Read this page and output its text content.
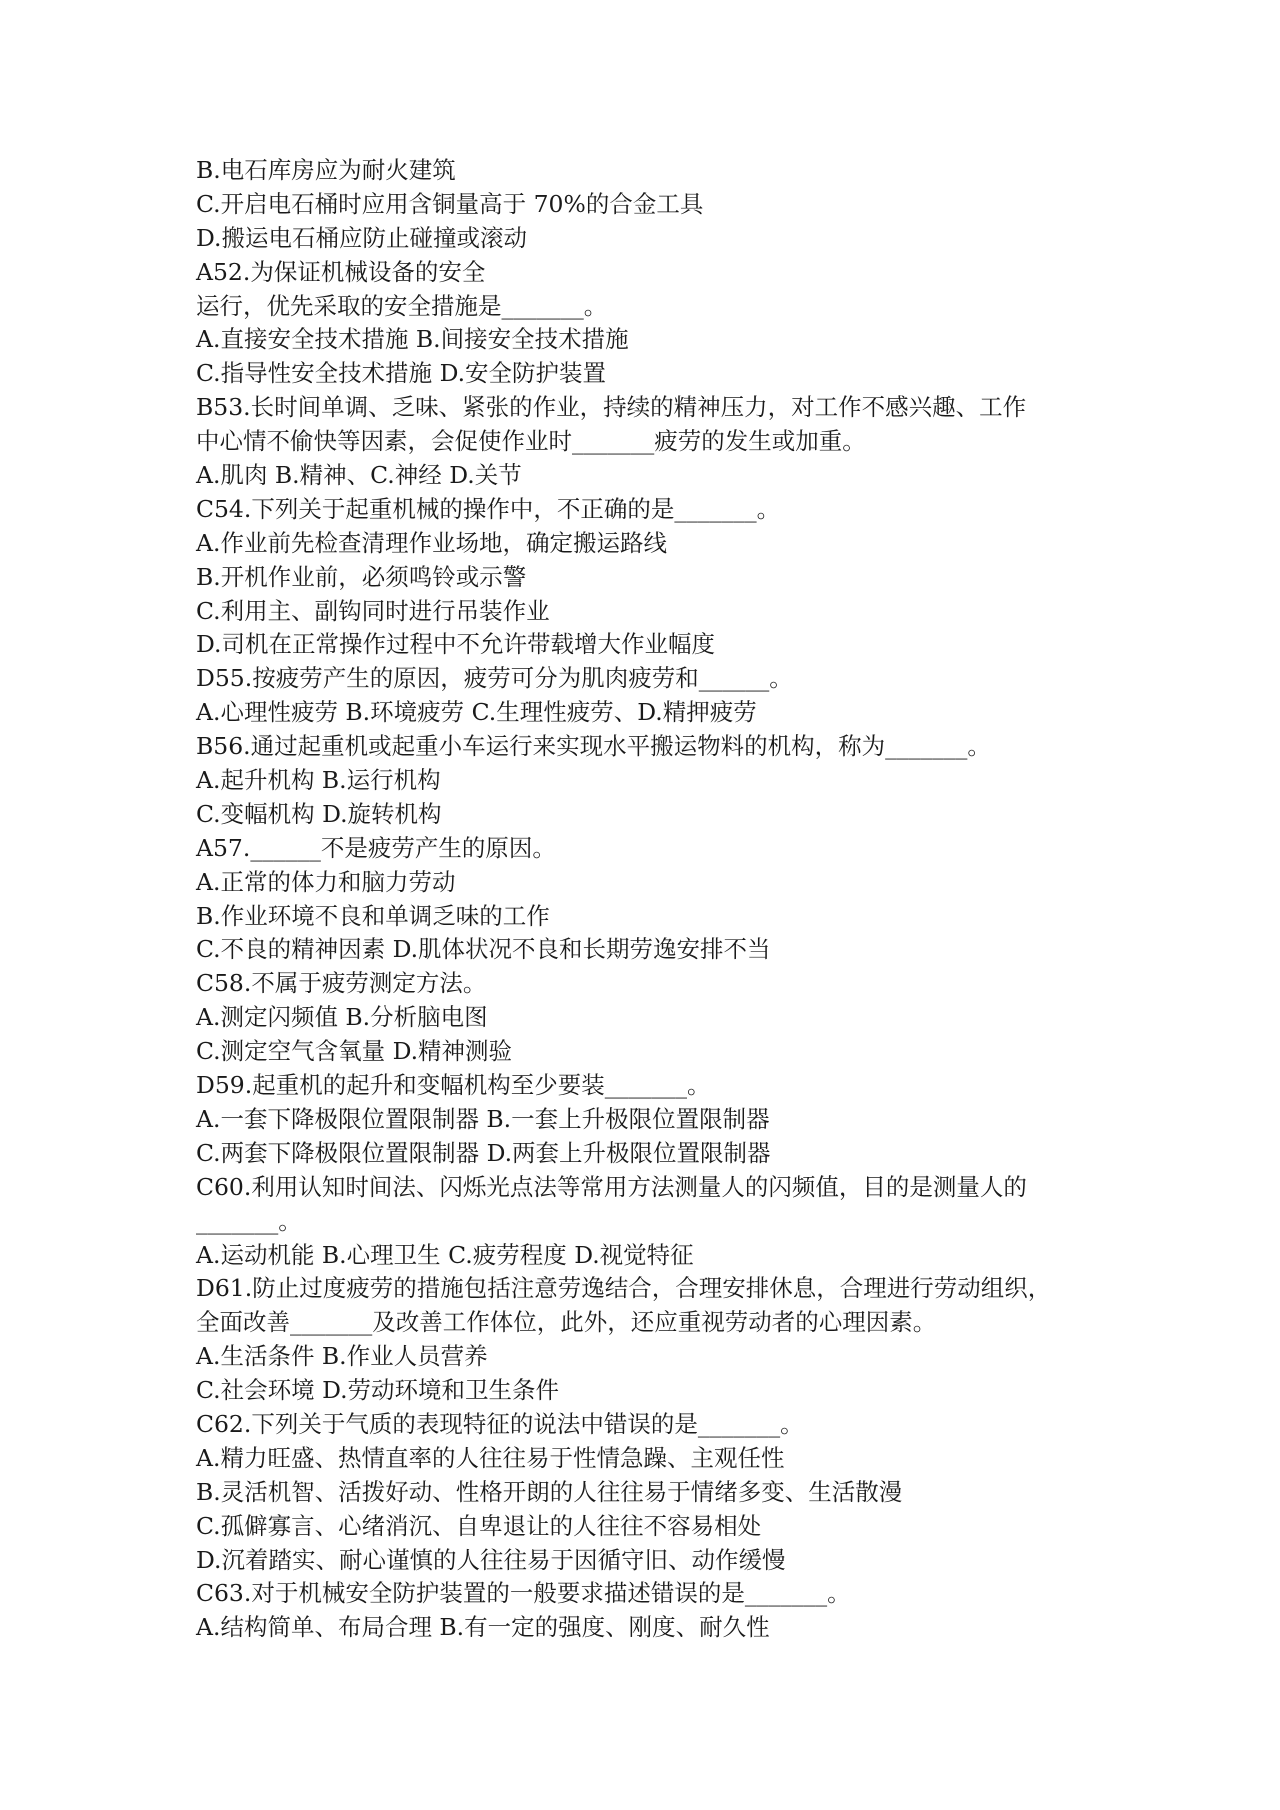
B.电石库房应为耐火建筑
C.开启电石桶时应用含铜量高于 70%的合金工具
D.搬运电石桶应防止碰撞或滚动
A52.为保证机械设备的安全
运行，优先采取的安全措施是_______。
A.直接安全技术措施 B.间接安全技术措施
C.指导性安全技术措施 D.安全防护装置
B53.长时间单调、乏味、紧张的作业，持续的精神压力，对工作不感兴趣、工作
中心情不偷快等因素，会促使作业时_______疲劳的发生或加重。
A.肌肉 B.精神、C.神经 D.关节
C54.下列关于起重机械的操作中，不正确的是_______。
A.作业前先检查清理作业场地，确定搬运路线
B.开机作业前，必须鸣铃或示警
C.利用主、副钩同时进行吊装作业
D.司机在正常操作过程中不允许带载增大作业幅度
D55.按疲劳产生的原因，疲劳可分为肌肉疲劳和______。
A.心理性疲劳 B.环境疲劳 C.生理性疲劳、D.精押疲劳
B56.通过起重机或起重小车运行来实现水平搬运物料的机构，称为_______。
A.起升机构 B.运行机构
C.变幅机构 D.旋转机构
A57.______不是疲劳产生的原因。
A.正常的体力和脑力劳动
B.作业环境不良和单调乏味的工作
C.不良的精神因素 D.肌体状况不良和长期劳逸安排不当
C58.不属于疲劳测定方法。
A.测定闪频值 B.分析脑电图
C.测定空气含氧量 D.精神测验
D59.起重机的起升和变幅机构至少要装_______。
A.一套下降极限位置限制器 B.一套上升极限位置限制器
C.两套下降极限位置限制器 D.两套上升极限位置限制器
C60.利用认知时间法、闪烁光点法等常用方法测量人的闪频值，目的是测量人的
_______。
A.运动机能 B.心理卫生 C.疲劳程度 D.视觉特征
D61.防止过度疲劳的措施包括注意劳逸结合，合理安排休息，合理进行劳动组织，
全面改善_______及改善工作体位，此外，还应重视劳动者的心理因素。
A.生活条件 B.作业人员营养
C.社会环境 D.劳动环境和卫生条件
C62.下列关于气质的表现特征的说法中错误的是_______。
A.精力旺盛、热情直率的人往往易于性情急躁、主观任性
B.灵活机智、活拨好动、性格开朗的人往往易于情绪多变、生活散漫
C.孤僻寡言、心绪消沉、自卑退让的人往往不容易相处
D.沉着踏实、耐心谨慎的人往往易于因循守旧、动作缓慢
C63.对于机械安全防护装置的一般要求描述错误的是_______。
A.结构简单、布局合理 B.有一定的强度、刚度、耐久性
